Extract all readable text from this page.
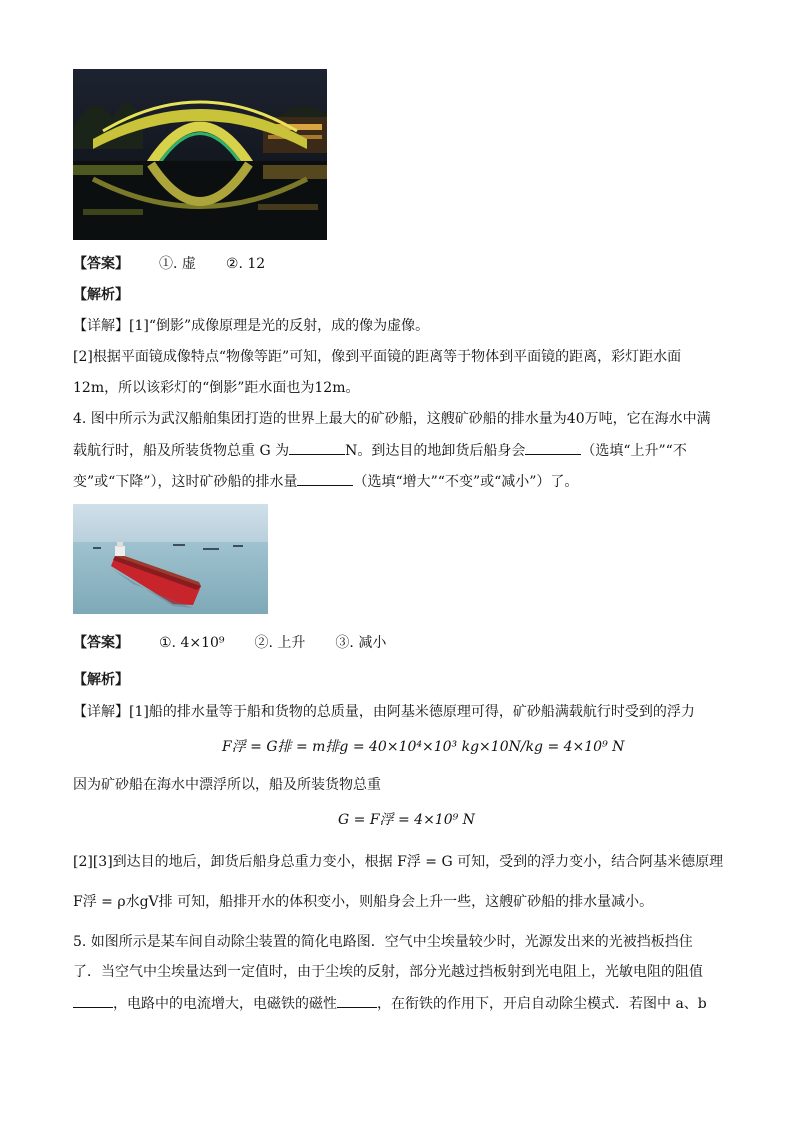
【答案】 ①. 虚 ②. 12
【解析】
【详解】[1]“倒影”成像原理是光的反射，成的像为虚像。
[2]根据平面镜成像特点“物像等距”可知，像到平面镜的距离等于物体到平面镜的距离，彩灯距水面
12m，所以该彩灯的“倒影”距水面也为12m。
4. 图中所示为武汉船舶集团打造的世界上最大的矿砂船，这艘矿砂船的排水量为40万吨，它在海水中满
载航行时，船及所装货物总重 G 为	N。到达目的地卸货后船身会	（选填“上升”“不
变”或“下降”），这时矿砂船的排水量	（选填“增大”“不变”或“减小”）了。
【答案】 ①. 4×10⁹ ②. 上升 ③. 减小
【解析】
【详解】[1]船的排水量等于船和货物的总质量，由阿基米德原理可得，矿砂船满载航行时受到的浮力
F浮 = G排 = m排g = 40×10⁴×10³ kg×10N/kg = 4×10⁹ N
因为矿砂船在海水中漂浮所以，船及所装货物总重
G = F浮 = 4×10⁹ N
[2][3]到达目的地后，卸货后船身总重力变小，根据 F浮 = G 可知，受到的浮力变小，结合阿基米德原理
F浮 = ρ水gV排 可知，船排开水的体积变小，则船身会上升一些，这艘矿砂船的排水量减小。
5. 如图所示是某车间自动除尘装置的简化电路图．空气中尘埃量较少时，光源发出来的光被挡板挡住
了．当空气中尘埃量达到一定值时，由于尘埃的反射，部分光越过挡板射到光电阻上，光敏电阻的阻值
，电路中的电流增大，电磁铁的磁性	，在衔铁的作用下，开启自动除尘模式．若图中 a、b
